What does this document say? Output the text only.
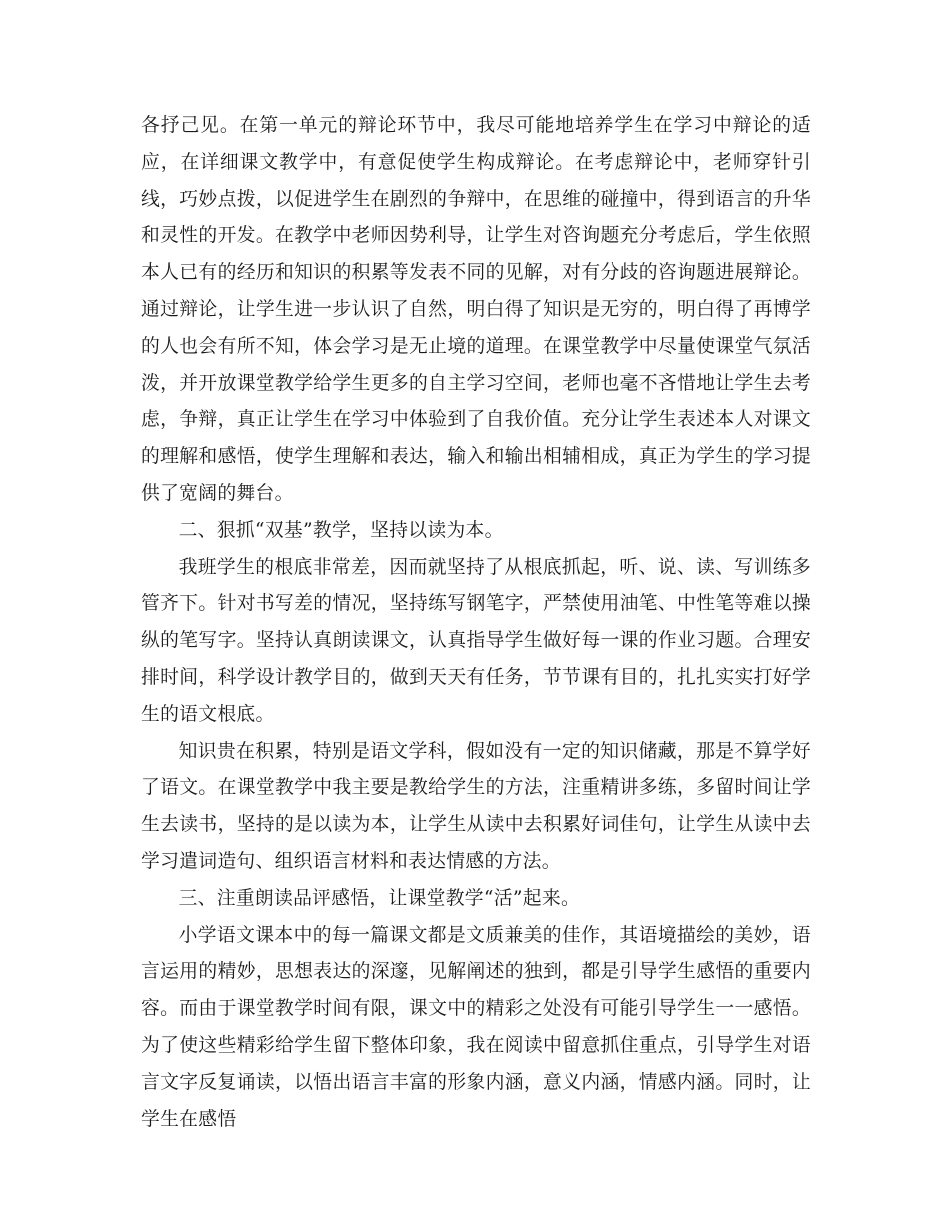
各抒己见。在第一单元的辩论环节中，我尽可能地培养学生在学习中辩论的适应，在详细课文教学中，有意促使学生构成辩论。在考虑辩论中，老师穿针引线，巧妙点拨，以促进学生在剧烈的争辩中，在思维的碰撞中，得到语言的升华和灵性的开发。在教学中老师因势利导，让学生对咨询题充分考虑后，学生依照本人已有的经历和知识的积累等发表不同的见解，对有分歧的咨询题进展辩论。通过辩论，让学生进一步认识了自然，明白得了知识是无穷的，明白得了再博学的人也会有所不知，体会学习是无止境的道理。在课堂教学中尽量使课堂气氛活泼，并开放课堂教学给学生更多的自主学习空间，老师也毫不吝惜地让学生去考虑，争辩，真正让学生在学习中体验到了自我价值。充分让学生表述本人对课文的理解和感悟，使学生理解和表达，输入和输出相辅相成，真正为学生的学习提供了宽阔的舞台。

二、狠抓“双基”教学，坚持以读为本。

我班学生的根底非常差，因而就坚持了从根底抓起，听、说、读、写训练多管齐下。针对书写差的情况，坚持练写钢笔字，严禁使用油笔、中性笔等难以操纵的笔写字。坚持认真朗读课文，认真指导学生做好每一课的作业习题。合理安排时间，科学设计教学目的，做到天天有任务，节节课有目的，扎扎实实打好学生的语文根底。

知识贵在积累，特别是语文学科，假如没有一定的知识储藏，那是不算学好了语文。在课堂教学中我主要是教给学生的方法，注重精讲多练，多留时间让学生去读书，坚持的是以读为本，让学生从读中去积累好词佳句，让学生从读中去学习遣词造句、组织语言材料和表达情感的方法。

三、注重朗读品评感悟，让课堂教学“活”起来。

小学语文课本中的每一篇课文都是文质兼美的佳作，其语境描绘的美妙，语言运用的精妙，思想表达的深邃，见解阐述的独到，都是引导学生感悟的重要内容。而由于课堂教学时间有限，课文中的精彩之处没有可能引导学生一一感悟。为了使这些精彩给学生留下整体印象，我在阅读中留意抓住重点，引导学生对语言文字反复诵读，以悟出语言丰富的形象内涵，意义内涵，情感内涵。同时，让学生在感悟
